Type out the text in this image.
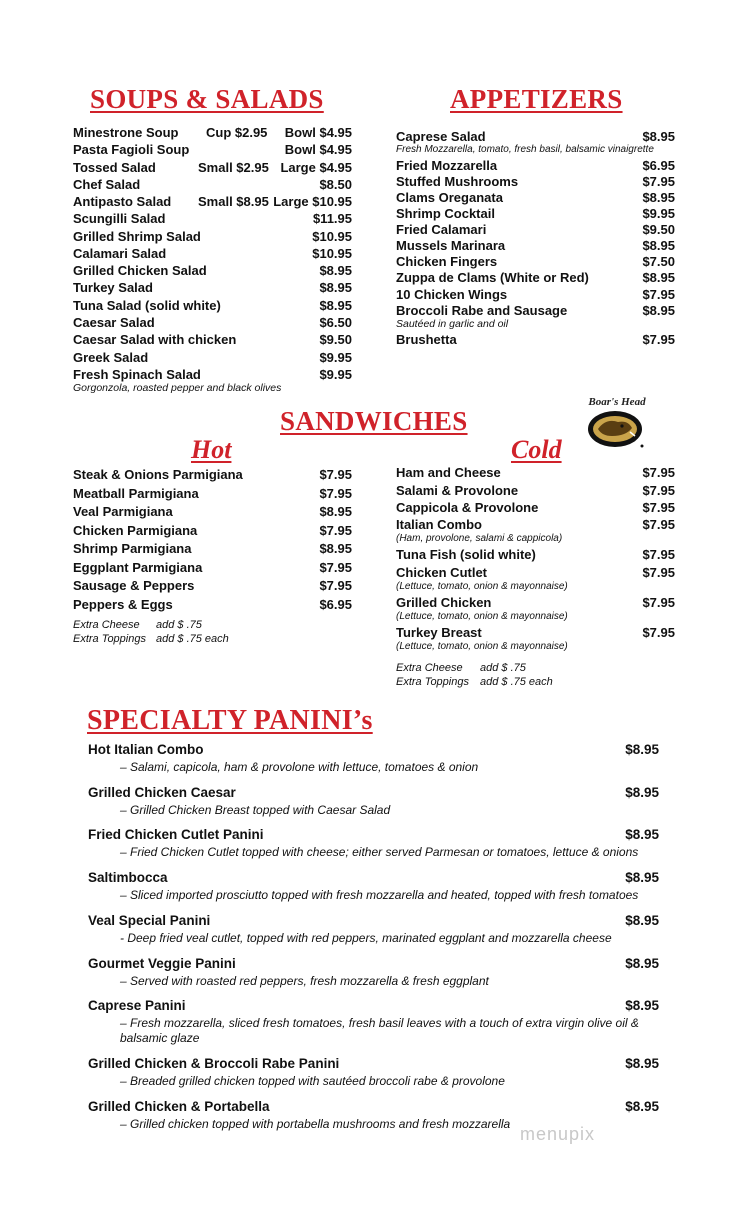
SOUPS & SALADS
Minestrone Soup Cup $2.95 Bowl $4.95
Pasta Fagioli Soup	Bowl $4.95
Tossed Salad	Small $2.95 Large $4.95
Chef Salad	$8.50
Antipasto Salad Small $8.95 Large $10.95
Scungilli Salad	$11.95
Grilled Shrimp Salad	$10.95
Calamari Salad	$10.95
Grilled Chicken Salad	$8.95
Turkey Salad	$8.95
Tuna Salad (solid white)	$8.95
Caesar Salad	$6.50
Caesar Salad with chicken	$9.50
Greek Salad	$9.95
Fresh Spinach Salad	$9.95
Gorgonzola, roasted pepper and black olives
APPETIZERS
Caprese Salad	$8.95
Fresh Mozzarella, tomato, fresh basil, balsamic vinaigrette
Fried Mozzarella	$6.95
Stuffed Mushrooms	$7.95
Clams Oreganata	$8.95
Shrimp Cocktail	$9.95
Fried Calamari	$9.50
Mussels Marinara	$8.95
Chicken Fingers	$7.50
Zuppa de Clams (White or Red)	$8.95
10 Chicken Wings	$7.95
Broccoli Rabe and Sausage	$8.95
Sautéed in garlic and oil
Brushetta	$7.95
SANDWICHES
Boar's Head
Hot	Cold
Steak & Onions Parmigiana	$7.95
Meatball Parmigiana	$7.95
Veal Parmigiana	$8.95
Chicken Parmigiana	$7.95
Shrimp Parmigiana	$8.95
Eggplant Parmigiana	$7.95
Sausage & Peppers	$7.95
Peppers & Eggs	$6.95
Extra Cheese add $ .75
Extra Toppings add $ .75 each
Ham and Cheese	$7.95
Salami & Provolone	$7.95
Cappicola & Provolone	$7.95
Italian Combo	$7.95
(Ham, provolone, salami & cappicola)
Tuna Fish (solid white)	$7.95
Chicken Cutlet	$7.95
(Lettuce, tomato, onion & mayonnaise)
Grilled Chicken	$7.95
(Lettuce, tomato, onion & mayonnaise)
Turkey Breast	$7.95
(Lettuce, tomato, onion & mayonnaise)
Extra Cheese add $ .75
Extra Toppings add $ .75 each
SPECIALTY PANINI’s
Hot Italian Combo	$8.95
– Salami, capicola, ham & provolone with lettuce, tomatoes & onion
Grilled Chicken Caesar	$8.95
– Grilled Chicken Breast topped with Caesar Salad
Fried Chicken Cutlet Panini	$8.95
– Fried Chicken Cutlet topped with cheese; either served Parmesan or tomatoes, lettuce & onions
Saltimbocca	$8.95
– Sliced imported prosciutto topped with fresh mozzarella and heated, topped with fresh tomatoes
Veal Special Panini	$8.95
- Deep fried veal cutlet, topped with red peppers, marinated eggplant and mozzarella cheese
Gourmet Veggie Panini	$8.95
– Served with roasted red peppers, fresh mozzarella & fresh eggplant
Caprese Panini	$8.95
– Fresh mozzarella, sliced fresh tomatoes, fresh basil leaves with a touch of extra virgin olive oil & balsamic glaze
Grilled Chicken & Broccoli Rabe Panini	$8.95
– Breaded grilled chicken topped with sautéed broccoli rabe & provolone
Grilled Chicken & Portabella	$8.95
– Grilled chicken topped with portabella mushrooms and fresh mozzarella menupix
